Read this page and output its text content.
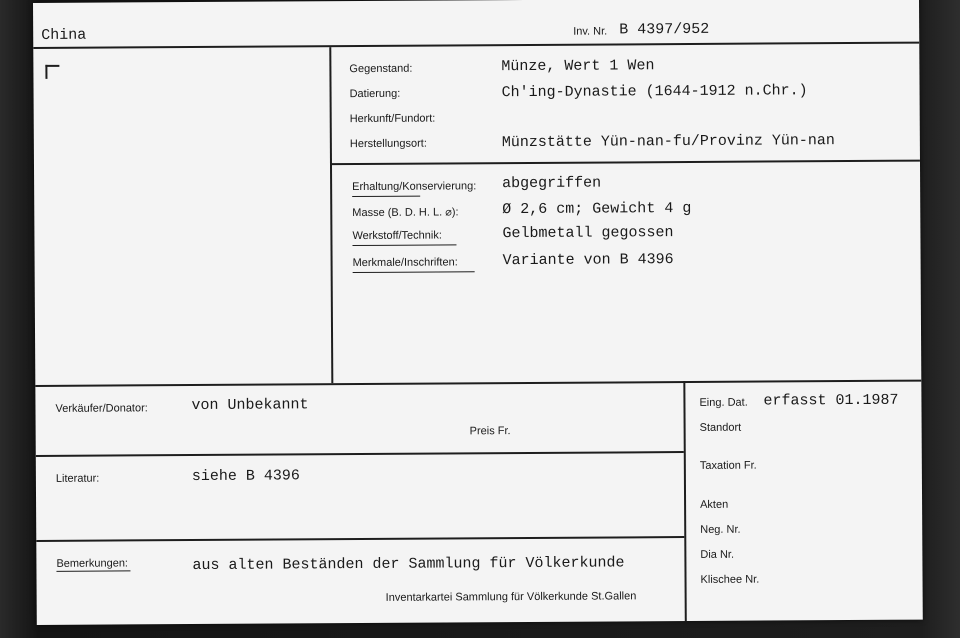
China	Inv. Nr. B 4397/952
Gegenstand:	Münze, Wert 1 Wen
Datierung:	Ch'ing-Dynastie (1644-1912 n.Chr.)
Herkunft/Fundort:
Herstellungsort:	Münzstätte Yün-nan-fu/Provinz Yün-nan
Erhaltung/Konservierung: abgegriffen
Masse (B. D. H. L. ⌀):	Ø 2,6 cm; Gewicht 4 g
Werkstoff/Technik:	Gelbmetall gegossen
Merkmale/Inschriften:	Variante von B 4396
Verkäufer/Donator:	von Unbekannt
Preis Fr.
Literatur:	siehe B 4396
Bemerkungen:	aus alten Beständen der Sammlung für Völkerkunde
Inventarkartei Sammlung für Völkerkunde St.Gallen
Eing. Dat. erfasst 01.1987
Standort
Taxation Fr.
Akten
Neg. Nr.
Dia Nr.
Klischee Nr.
